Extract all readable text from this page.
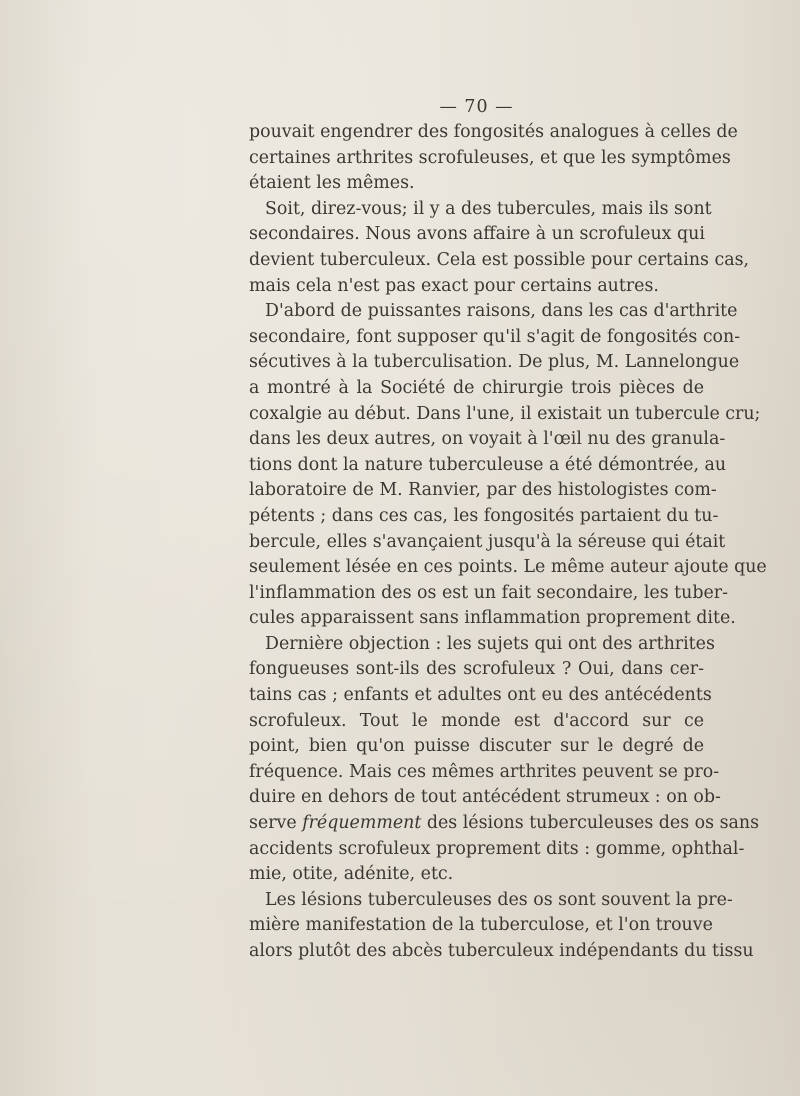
— 70 —
pouvait engendrer des fongosités analogues à celles de
certaines arthrites scrofuleuses, et que les symptômes
étaient les mêmes.
Soit, direz-vous; il y a des tubercules, mais ils sont
secondaires. Nous avons affaire à un scrofuleux qui
devient tuberculeux. Cela est possible pour certains cas,
mais cela n'est pas exact pour certains autres.
D'abord de puissantes raisons, dans les cas d'arthrite
secondaire, font supposer qu'il s'agit de fongosités con-
sécutives à la tuberculisation. De plus, M. Lannelongue
a montré à la Société de chirurgie trois pièces de
coxalgie au début. Dans l'une, il existait un tubercule cru;
dans les deux autres, on voyait à l'œil nu des granula-
tions dont la nature tuberculeuse a été démontrée, au
laboratoire de M. Ranvier, par des histologistes com-
pétents ; dans ces cas, les fongosités partaient du tu-
bercule, elles s'avançaient jusqu'à la séreuse qui était
seulement lésée en ces points. Le même auteur ajoute que
l'inflammation des os est un fait secondaire, les tuber-
cules apparaissent sans inflammation proprement dite.
Dernière objection : les sujets qui ont des arthrites
fongueuses sont-ils des scrofuleux ? Oui, dans cer-
tains cas ; enfants et adultes ont eu des antécédents
scrofuleux. Tout le monde est d'accord sur ce
point, bien qu'on puisse discuter sur le degré de
fréquence. Mais ces mêmes arthrites peuvent se pro-
duire en dehors de tout antécédent strumeux : on ob-
serve fréquemment des lésions tuberculeuses des os sans
accidents scrofuleux proprement dits : gomme, ophthal-
mie, otite, adénite, etc.
Les lésions tuberculeuses des os sont souvent la pre-
mière manifestation de la tuberculose, et l'on trouve
alors plutôt des abcès tuberculeux indépendants du tissu
